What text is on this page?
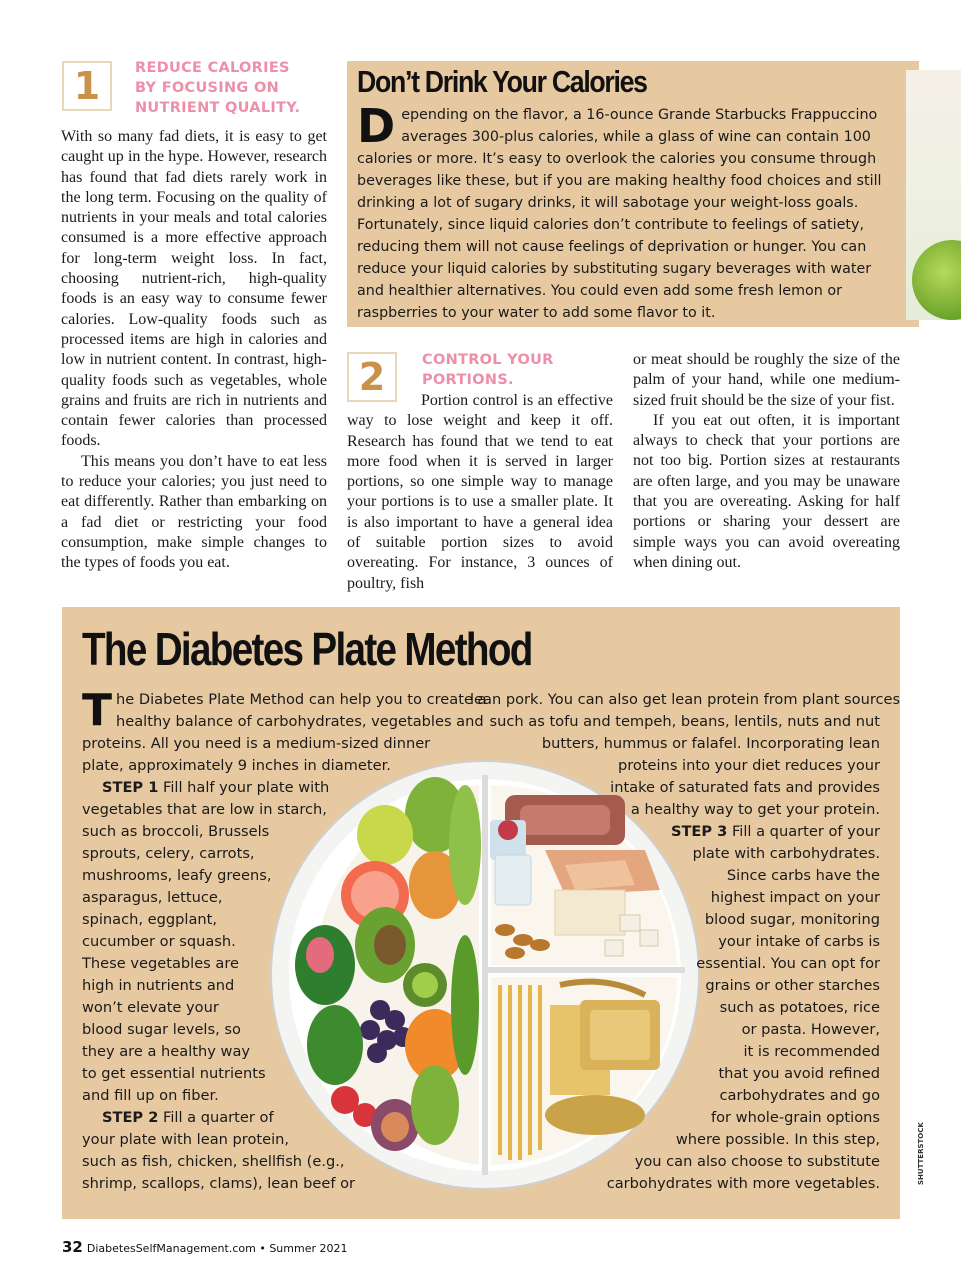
1	REDUCE CALORIES
BY FOCUSING ON
NUTRIENT QUALITY.

With so many fad diets, it is easy to get caught up in the hype. However, research has found that fad diets rarely work in the long term. Focusing on the quality of nutrients in your meals and total calories consumed is a more effective approach for long-term weight loss. In fact, choosing nutrient-rich, high-quality foods is an easy way to consume fewer calories. Low-quality foods such as processed items are high in calories and low in nutrient content. In contrast, high-quality foods such as vegetables, whole grains and fruits are rich in nutrients and contain fewer calories than processed foods.

This means you don’t have to eat less to reduce your calories; you just need to eat differently. Rather than embarking on a fad diet or restricting your food consumption, make simple changes to the types of foods you eat.

Don’t Drink Your Calories
Depending on the flavor, a 16-ounce Grande Starbucks Frappuccino averages 300-plus calories, while a glass of wine can contain 100 calories or more. It’s easy to overlook the calories you consume through beverages like these, but if you are making healthy food choices and still drinking a lot of sugary drinks, it will sabotage your weight-loss goals. Fortunately, since liquid calories don’t contribute to feelings of satiety, reducing them will not cause feelings of deprivation or hunger. You can reduce your liquid calories by substituting sugary beverages with water and healthier alternatives. You could even add some fresh lemon or raspberries to your water to add some flavor to it.
2	CONTROL YOUR
PORTIONS.

Portion control is an effective way to lose weight and keep it off. Research has found that we tend to eat more food when it is served in larger portions, so one simple way to manage your portions is to use a smaller plate. It is also important to have a general idea of suitable portion sizes to avoid overeating. For instance, 3 ounces of poultry, fish

or meat should be roughly the size of the palm of your hand, while one medium-sized fruit should be the size of your fist.

If you eat out often, it is important always to check that your portions are not too big. Portion sizes at restaurants are often large, and you may be unaware that you are overeating. Asking for half portions or sharing your dessert are simple ways you can avoid overeating when dining out.

The Diabetes Plate Method
T he Diabetes Plate Method can help you to create a
healthy balance of carbohydrates, vegetables and
proteins. All you need is a medium-sized dinner
plate, approximately 9 inches in diameter.
STEP 1 Fill half your plate with
vegetables that are low in starch,
such as broccoli, Brussels
sprouts, celery, carrots,
mushrooms, leafy greens,
asparagus, lettuce,
spinach, eggplant,
cucumber or squash.
These vegetables are
high in nutrients and
won’t elevate your
blood sugar levels, so
they are a healthy way
to get essential nutrients
and fill up on fiber.
STEP 2 Fill a quarter of
your plate with lean protein,
such as fish, chicken, shellfish (e.g.,
shrimp, scallops, clams), lean beef or
lean pork. You can also get lean protein from plant sources
such as tofu and tempeh, beans, lentils, nuts and nut
butters, hummus or falafel. Incorporating lean
proteins into your diet reduces your
intake of saturated fats and provides
a healthy way to get your protein.
STEP 3 Fill a quarter of your
plate with carbohydrates.
Since carbs have the
highest impact on your
blood sugar, monitoring
your intake of carbs is
essential. You can opt for
grains or other starches
such as potatoes, rice
or pasta. However,
it is recommended
that you avoid refined
carbohydrates and go
for whole-grain options
where possible. In this step,
you can also choose to substitute
carbohydrates with more vegetables.	SHUTTERSTOCK
32 DiabetesSelfManagement.com • Summer 2021
